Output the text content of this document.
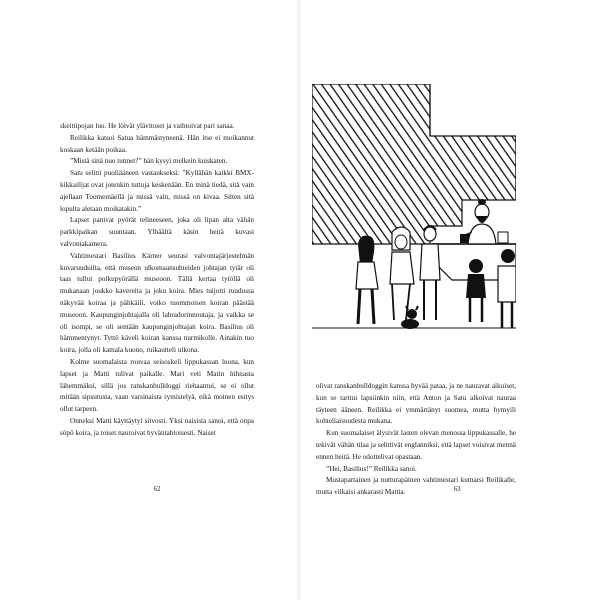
skeittipojan luo. He löivät ylävitoset ja vaihtoivat pari sanaa.

Reilikka katsoi Satua hämmästyneenä. Hän itse ei moikannut koskaan ketään poikaa.

”Mistä sinä nuo tunnet?” hän kysyi melkein kuiskaten.

Satu selitti puoliääneen vastaukseksi: ”Kyllähän kaikki BMX-kikkailijat ovat jotenkin tuttuja keskenään. En minä tiedä, sitä vain ajellaan Toomemäellä ja missä vain, missä on kivaa. Sitten sitä lopulta aletaan moikatakin.”

Lapset panivat pyörät telineeseen, joka oli lipan alta vähän parkkipaikan suuntaan. Ylhäältä käsin heitä kuvasi valvontakamera.

Vahtimestari Basilius Kärner seurasi valvontajärjestelmän kuvaruuduilta, että museon ulkomaansuhteiden johtajan tytär oli taas tullut polkupyörällä museoon. Tällä kertaa tytöllä oli mukanaan joukko kavereita ja joku koira. Mies tuijotti ruudussa näkyvää koiraa ja pähkäili, voiko tuommoisen koiran päästää museoon. Kaupunginjohtajalla oli labradorinnoutaja, ja vaikka se oli isompi, se oli sentään kaupunginjohtajan koira. Basilius oli hämmentynyt. Tyttö käveli koiran kanssa nurmikolle. Ainakin tuo koira, jolla oli kamala kuono, ruikautteli ulkona.

Kolme suomalaista rouvaa seisoskeli lippukassan luona, kun lapset ja Matti tulivat paikalle. Mari veti Matin hihnasta lähemmäksi, sillä jos ranskanbulldoggi riehaantui, se ei ollut mitään sipsutusta, vaan varsinaista rymistelyä, eikä moinen esitys ollut tarpeen.

Onneksi Matti käyttäytyi siivosti. Yksi naisista sanoi, että onpa söpö koira, ja toiset nauroivat hyväntahtoisesti. Naiset

62

olivat ranskanbulldoggin kanssa hyvää pataa, ja ne nauravat aikuiset, kun se tarttui lapsiinkin niin, että Anton ja Satu alkoivat nauraa täyteen ääneen. Reilikka ei ymmärtänyt suomea, mutta hymyili kohteliaisuudesta mukana.

Kun suomalaiset älysivät lasten olevan menossa lippukassalle, he tekivät vähän tilaa ja selittivät englanniksi, että lapset voisivat mennä ennen heitä. He odottelivat opastaan.

”Hei, Basilius!” Reilikka sanoi.

Mustapartainen ja nutturapäinen vahtimestari kumarsi Reilikalle, mutta vilkaisi ankarasti Mattia.	63
